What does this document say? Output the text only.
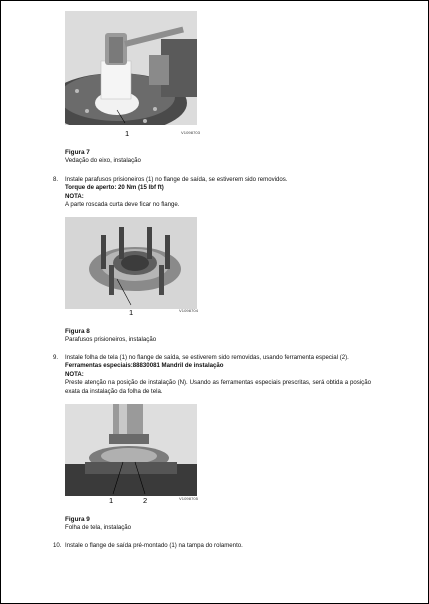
1	V1098703
Figura 7
Vedação do eixo, instalação
8. Instale parafusos prisioneiros (1) no flange de saída, se estiverem sido removidos.
Torque de aperto: 20 Nm (15 lbf ft)
NOTA:
A parte roscada curta deve ficar no flange.
1	V1098704
Figura 8
Parafusos prisioneiros, instalação
9. Instale folha de tela (1) no flange de saída, se estiverem sido removidas, usando ferramenta especial (2).
Ferramentas especiais:88830081 Mandril de instalação
NOTA:
Preste atenção na posição de instalação (N). Usando as ferramentas especiais prescritas, será obtida a posição exata da instalação da folha de tela.
1	2	V1098705
Figura 9
Folha de tela, instalação
10. Instale o flange de saída pré-montado (1) na tampa do rolamento.
